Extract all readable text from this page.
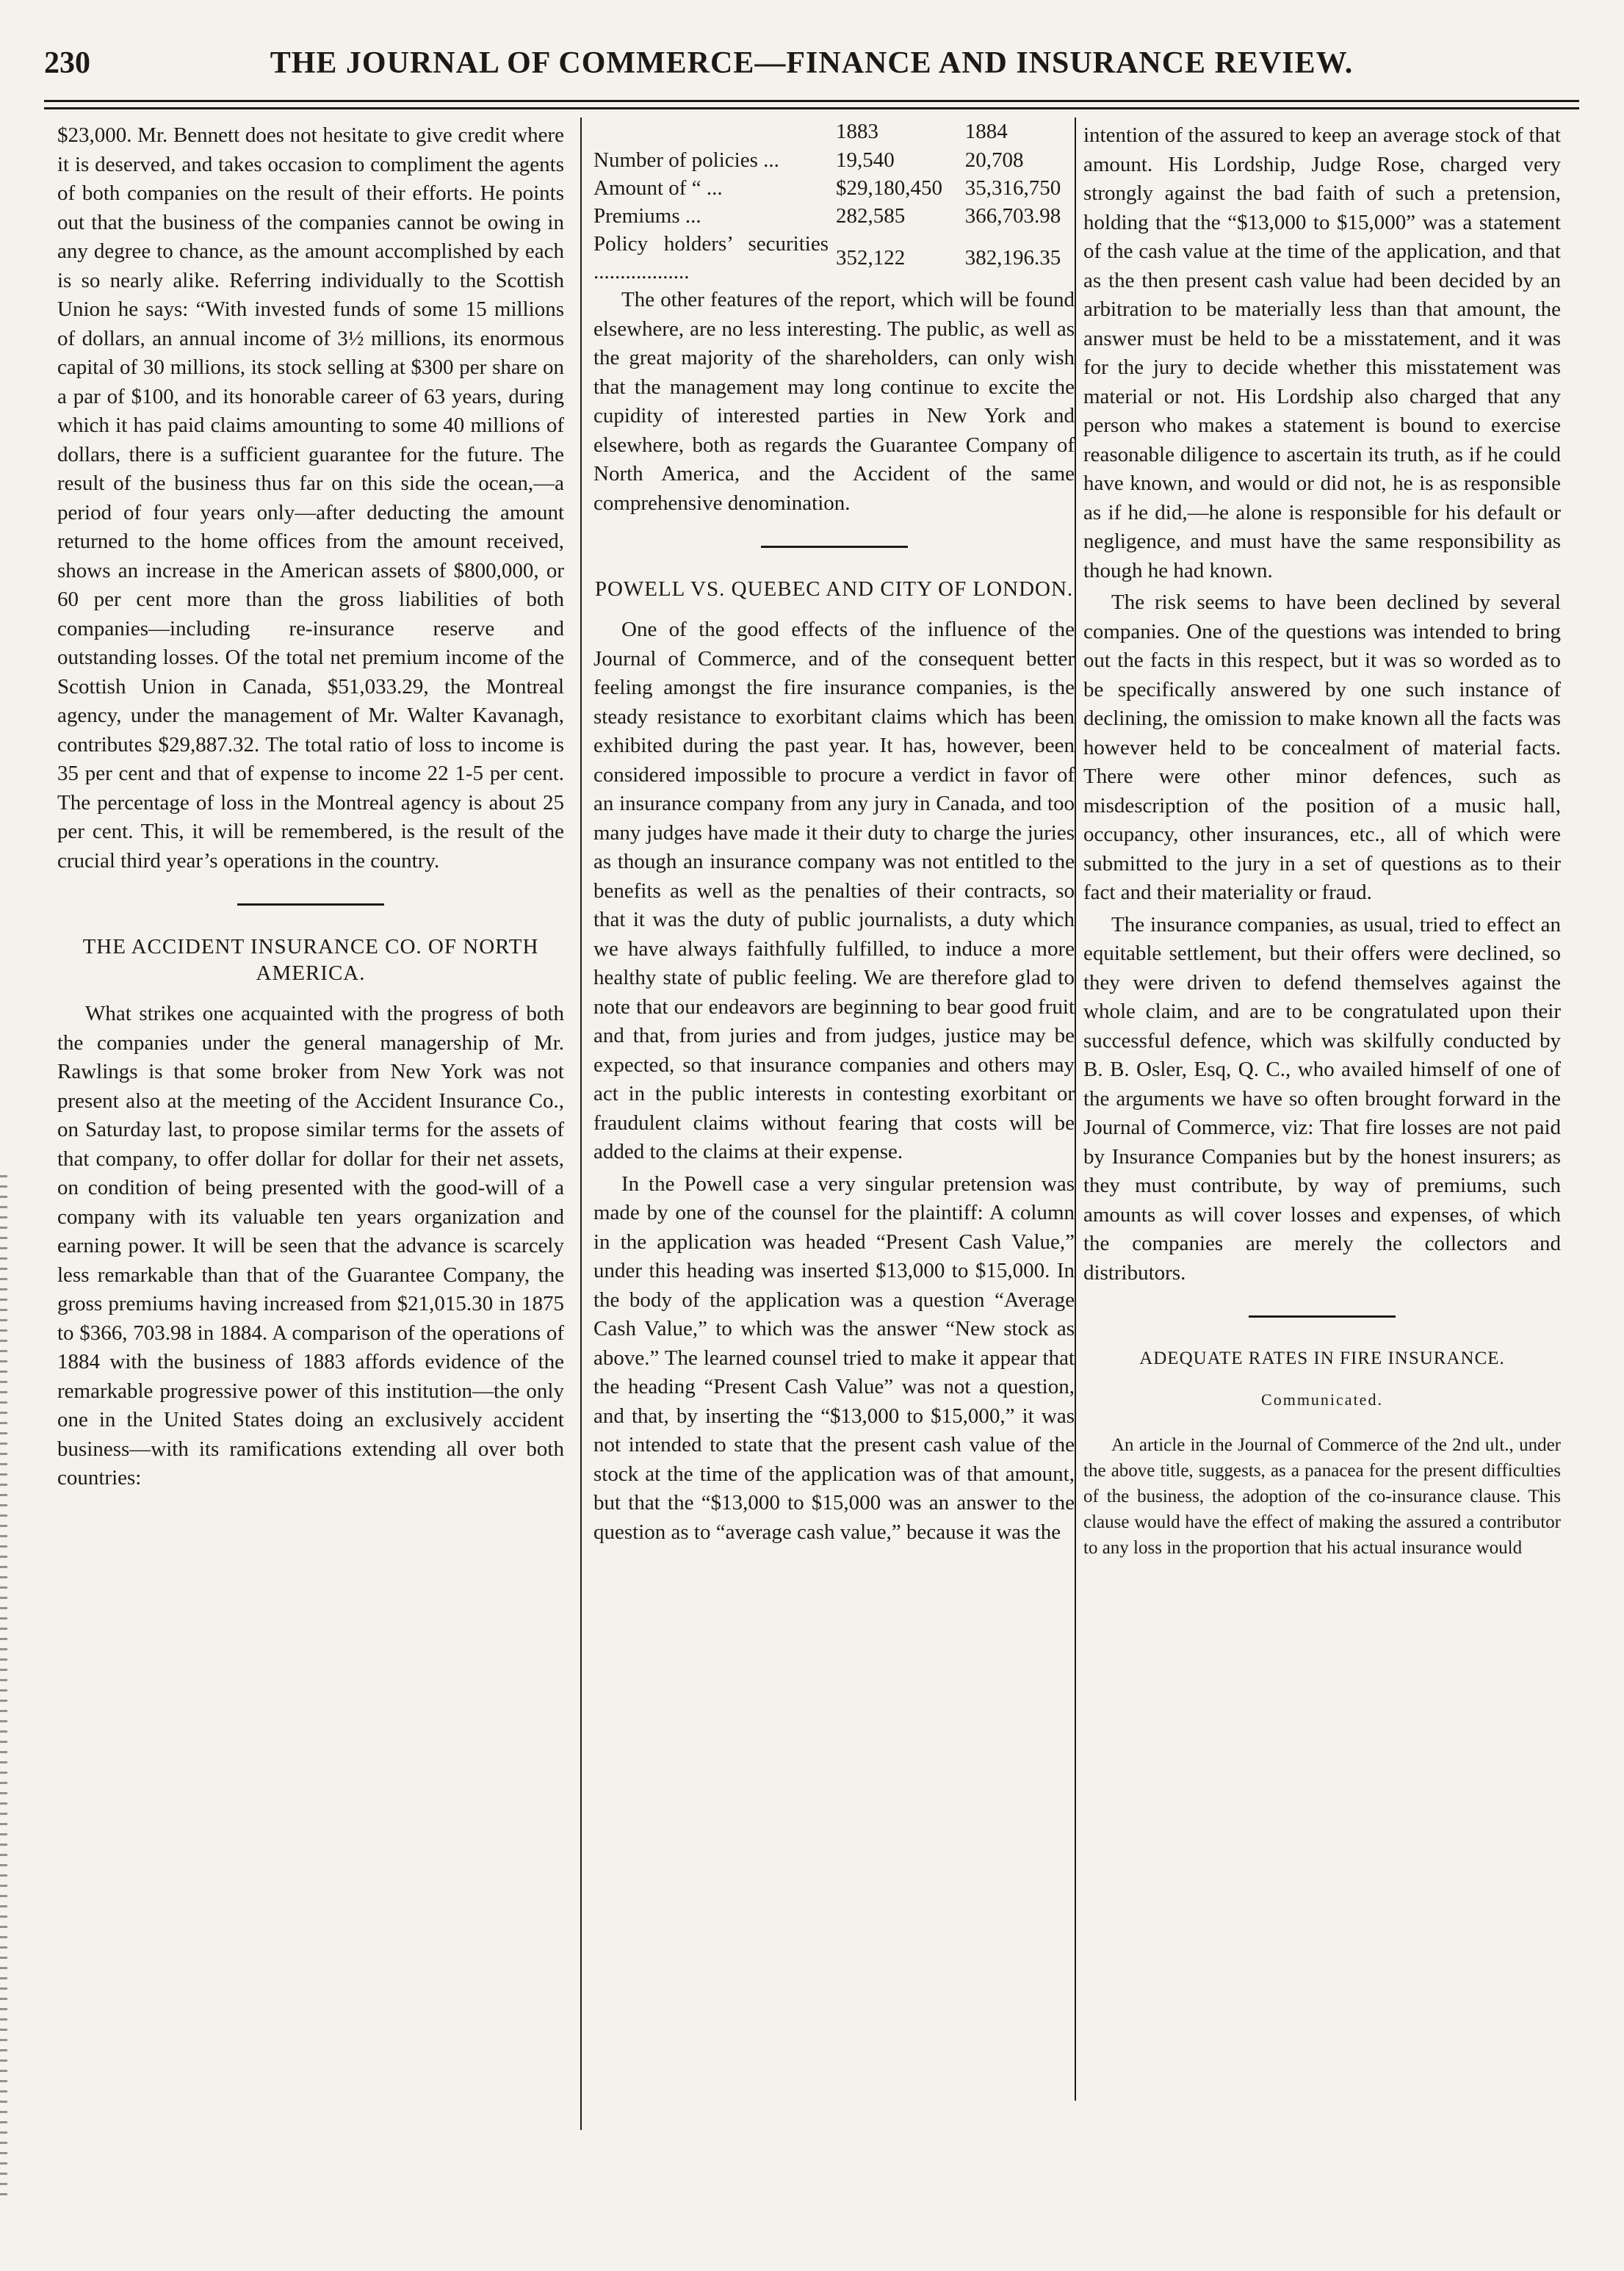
230	THE JOURNAL OF COMMERCE—FINANCE AND INSURANCE REVIEW.

$23,000. Mr. Bennett does not hesitate to give credit where it is deserved, and takes occasion to compliment the agents of both companies on the result of their efforts. He points out that the business of the companies cannot be owing in any degree to chance, as the amount accomplished by each is so nearly alike. Referring individually to the Scottish Union he says: “With invested funds of some 15 millions of dollars, an annual income of 3½ millions, its enormous capital of 30 millions, its stock selling at $300 per share on a par of $100, and its honorable career of 63 years, during which it has paid claims amounting to some 40 millions of dollars, there is a sufficient guarantee for the future. The result of the business thus far on this side the ocean,—a period of four years only—after deducting the amount returned to the home offices from the amount received, shows an increase in the American assets of $800,000, or 60 per cent more than the gross liabilities of both companies—including re-insurance reserve and outstanding losses. Of the total net premium income of the Scottish Union in Canada, $51,033.29, the Montreal agency, under the management of Mr. Walter Kavanagh, contributes $29,887.32. The total ratio of loss to income is 35 per cent and that of expense to income 22 1-5 per cent. The percentage of loss in the Montreal agency is about 25 per cent. This, it will be remembered, is the result of the crucial third year’s operations in the country.

THE ACCIDENT INSURANCE CO. OF NORTH AMERICA.

What strikes one acquainted with the progress of both the companies under the general managership of Mr. Rawlings is that some broker from New York was not present also at the meeting of the Accident Insurance Co., on Saturday last, to propose similar terms for the assets of that company, to offer dollar for dollar for their net assets, on condition of being presented with the good-will of a company with its valuable ten years organization and earning power. It will be seen that the advance is scarcely less remarkable than that of the Guarantee Company, the gross premiums having increased from $21,015.30 in 1875 to $366, 703.98 in 1884. A comparison of the operations of 1884 with the business of 1883 affords evidence of the remarkable progressive power of this institution—the only one in the United States doing an exclusively accident business—with its ramifications extending all over both countries:

	1883	1884
Number of policies ...	19,540	20,708
Amount of “ ...	$29,180,450	35,316,750
Premiums ...	282,585	366,703.98
Policy holders’ securities ..................	352,122	382,196.35

The other features of the report, which will be found elsewhere, are no less interesting. The public, as well as the great majority of the shareholders, can only wish that the management may long continue to excite the cupidity of interested parties in New York and elsewhere, both as regards the Guarantee Company of North America, and the Accident of the same comprehensive denomination.

POWELL VS. QUEBEC AND CITY OF LONDON.

One of the good effects of the influence of the Journal of Commerce, and of the consequent better feeling amongst the fire insurance companies, is the steady resistance to exorbitant claims which has been exhibited during the past year. It has, however, been considered impossible to procure a verdict in favor of an insurance company from any jury in Canada, and too many judges have made it their duty to charge the juries as though an insurance company was not entitled to the benefits as well as the penalties of their contracts, so that it was the duty of public journalists, a duty which we have always faithfully fulfilled, to induce a more healthy state of public feeling. We are therefore glad to note that our endeavors are beginning to bear good fruit and that, from juries and from judges, justice may be expected, so that insurance companies and others may act in the public interests in contesting exorbitant or fraudulent claims without fearing that costs will be added to the claims at their expense.

In the Powell case a very singular pretension was made by one of the counsel for the plaintiff: A column in the application was headed “Present Cash Value,” under this heading was inserted $13,000 to $15,000. In the body of the application was a question “Average Cash Value,” to which was the answer “New stock as above.” The learned counsel tried to make it appear that the heading “Present Cash Value” was not a question, and that, by inserting the “$13,000 to $15,000,” it was not intended to state that the present cash value of the stock at the time of the application was of that amount, but that the “$13,000 to $15,000 was an answer to the question as to “average cash value,” because it was the

intention of the assured to keep an average stock of that amount. His Lordship, Judge Rose, charged very strongly against the bad faith of such a pretension, holding that the “$13,000 to $15,000” was a statement of the cash value at the time of the application, and that as the then present cash value had been decided by an arbitration to be materially less than that amount, the answer must be held to be a misstatement, and it was for the jury to decide whether this misstatement was material or not. His Lordship also charged that any person who makes a statement is bound to exercise reasonable diligence to ascertain its truth, as if he could have known, and would or did not, he is as responsible as if he did,—he alone is responsible for his default or negligence, and must have the same responsibility as though he had known.

The risk seems to have been declined by several companies. One of the questions was intended to bring out the facts in this respect, but it was so worded as to be specifically answered by one such instance of declining, the omission to make known all the facts was however held to be concealment of material facts. There were other minor defences, such as misdescription of the position of a music hall, occupancy, other insurances, etc., all of which were submitted to the jury in a set of questions as to their fact and their materiality or fraud.

The insurance companies, as usual, tried to effect an equitable settlement, but their offers were declined, so they were driven to defend themselves against the whole claim, and are to be congratulated upon their successful defence, which was skilfully conducted by B. B. Osler, Esq, Q. C., who availed himself of one of the arguments we have so often brought forward in the Journal of Commerce, viz: That fire losses are not paid by Insurance Companies but by the honest insurers; as they must contribute, by way of premiums, such amounts as will cover losses and expenses, of which the companies are merely the collectors and distributors.

ADEQUATE RATES IN FIRE INSURANCE.
Communicated.

An article in the Journal of Commerce of the 2nd ult., under the above title, suggests, as a panacea for the present difficulties of the business, the adoption of the co-insurance clause. This clause would have the effect of making the assured a contributor to any loss in the proportion that his actual insurance would
